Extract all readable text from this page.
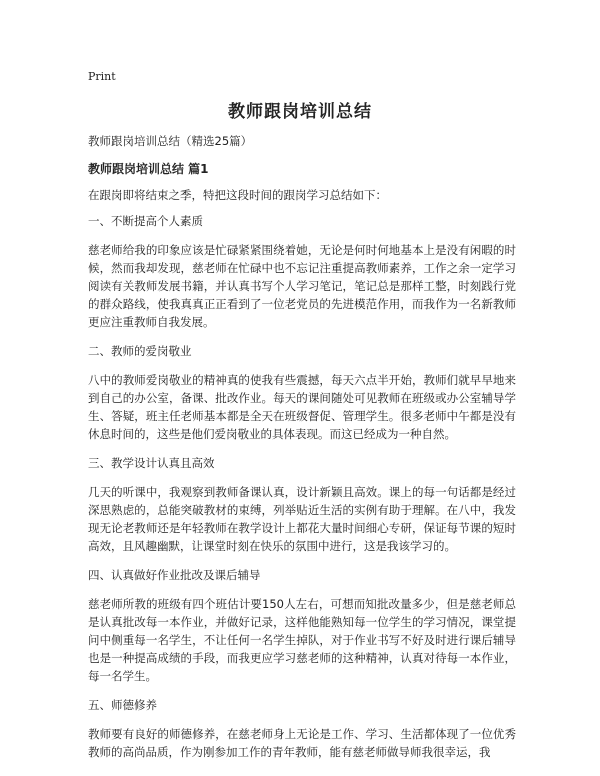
Print
教师跟岗培训总结

教师跟岗培训总结（精选25篇）

教师跟岗培训总结 篇1

在跟岗即将结束之季，特把这段时间的跟岗学习总结如下：

一、不断提高个人素质

慈老师给我的印象应该是忙碌紧紧围绕着她，无论是何时何地基本上是没有闲暇的时候，然而我却发现，慈老师在忙碌中也不忘记注重提高教师素养，工作之余一定学习阅读有关教师发展书籍，并认真书写个人学习笔记，笔记总是那样工整，时刻践行党的群众路线，使我真真正正看到了一位老党员的先进模范作用，而我作为一名新教师更应注重教师自我发展。

二、教师的爱岗敬业

八中的教师爱岗敬业的精神真的使我有些震撼，每天六点半开始，教师们就早早地来到自己的办公室，备课、批改作业。每天的课间随处可见教师在班级或办公室辅导学生、答疑，班主任老师基本都是全天在班级督促、管理学生。很多老师中午都是没有休息时间的，这些是他们爱岗敬业的具体表现。而这已经成为一种自然。

三、教学设计认真且高效

几天的听课中，我观察到教师备课认真，设计新颖且高效。课上的每一句话都是经过深思熟虑的，总能突破教材的束缚，列举贴近生活的实例有助于理解。在八中，我发现无论老教师还是年轻教师在教学设计上都花大量时间细心专研，保证每节课的短时高效，且风趣幽默，让课堂时刻在快乐的氛围中进行，这是我该学习的。

四、认真做好作业批改及课后辅导

慈老师所教的班级有四个班估计要150人左右，可想而知批改量多少，但是慈老师总是认真批改每一本作业，并做好记录，这样他能熟知每一位学生的学习情况，课堂提问中侧重每一名学生，不让任何一名学生掉队，对于作业书写不好及时进行课后辅导也是一种提高成绩的手段，而我更应学习慈老师的这种精神，认真对待每一本作业，每一名学生。

五、师德修养

教师要有良好的师德修养，在慈老师身上无论是工作、学习、生活都体现了一位优秀教师的高尚品质，作为刚参加工作的青年教师，能有慈老师做导师我很幸运，我
